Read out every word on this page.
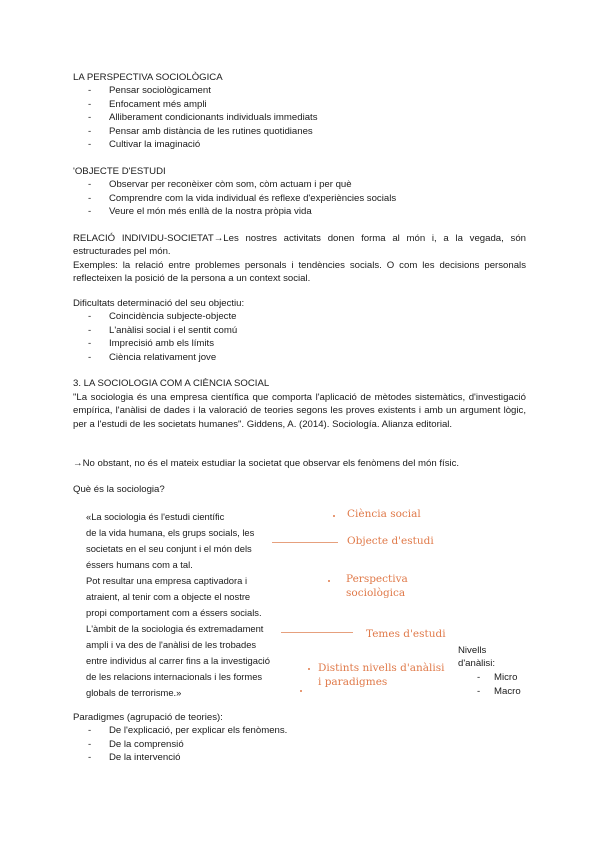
LA PERSPECTIVA SOCIOLÒGICA
- Pensar sociològicament
- Enfocament més ampli
- Alliberament condicionants individuals immediats
- Pensar amb distància de les rutines quotidianes
- Cultivar la imaginació
'OBJECTE D'ESTUDI
- Observar per reconèixer còm som, còm actuam i per què
- Comprendre com la vida individual és reflexe d'experiències socials
- Veure el món més enllà de la nostra pròpia vida
RELACIÓ INDIVIDU-SOCIETAT→Les nostres activitats donen forma al món i, a la vegada, són estructurades pel món.
Exemples: la relació entre problemes personals i tendències socials. O com les decisions personals reflecteixen la posició de la persona a un context social.
Dificultats determinació del seu objectiu:
- Coincidència subjecte-objecte
- L'anàlisi social i el sentit comú
- Imprecisió amb els límits
- Ciència relativament jove
3. LA SOCIOLOGIA COM A CIÈNCIA SOCIAL
"La sociologia és una empresa científica que comporta l'aplicació de mètodes sistemàtics, d'investigació empírica, l'anàlisi de dades i la valoració de teories segons les proves existents i amb un argument lògic, per a l'estudi de les societats humanes". Giddens, A. (2014). Sociología. Alianza editorial.
→No obstant, no és el mateix estudiar la societat que observar els fenòmens del món físic.
Què és la sociologia?
«La sociologia és l'estudi científic
de la vida humana, els grups socials, les
societats en el seu conjunt i el món dels
éssers humans com a tal.
Pot resultar una empresa captivadora i
atraient, al tenir com a objecte el nostre
propi comportament com a éssers socials.
L'àmbit de la sociologia és extremadament
ampli i va des de l'anàlisi de les trobades
entre individus al carrer fins a la investigació
de les relacions internacionals i les formes
globals de terrorisme.»
Ciència social
Objecte d'estudi
Perspectiva
sociològica
Temes d'estudi
Distints nivells d'anàlisi
i paradigmes
Nivells
d'anàlisi:
- Micro
- Macro
Paradigmes (agrupació de teories):
- De l'explicació, per explicar els fenòmens.
- De la comprensió
- De la intervenció
